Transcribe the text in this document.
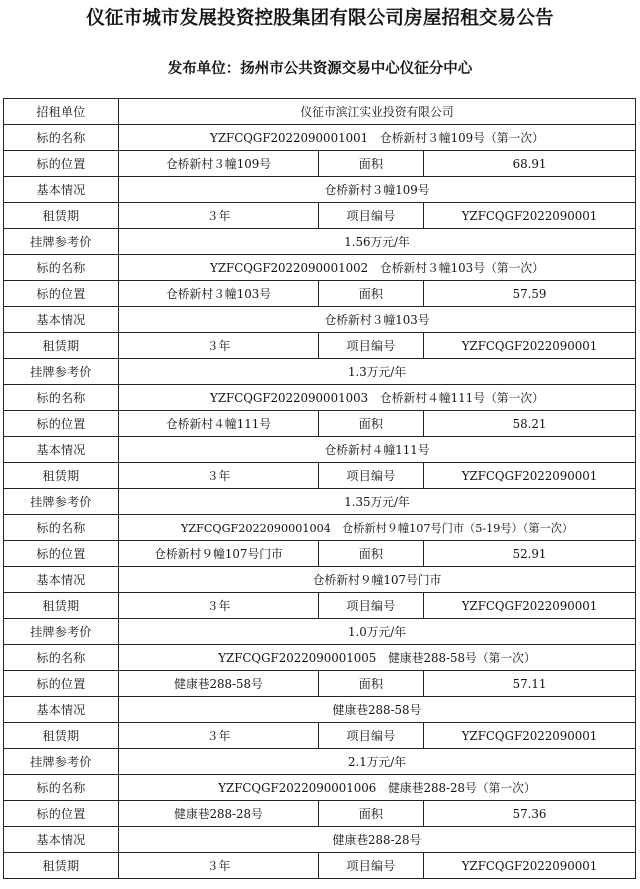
仪征市城市发展投资控股集团有限公司房屋招租交易公告
发布单位：扬州市公共资源交易中心仪征分中心
招租单位	仪征市滨江实业投资有限公司		
标的名称	YZFCQGF2022090001001　仓桥新村３幢109号（第一次）		
标的位置	仓桥新村３幢109号	面积	68.91
基本情况	仓桥新村３幢109号		
租赁期	３年	项目编号	YZFCQGF2022090001
挂牌参考价	1.56万元/年		
标的名称	YZFCQGF2022090001002　仓桥新村３幢103号（第一次）		
标的位置	仓桥新村３幢103号	面积	57.59
基本情况	仓桥新村３幢103号		
租赁期	３年	项目编号	YZFCQGF2022090001
挂牌参考价	1.3万元/年		
标的名称	YZFCQGF2022090001003　仓桥新村４幢111号（第一次）		
标的位置	仓桥新村４幢111号	面积	58.21
基本情况	仓桥新村４幢111号		
租赁期	３年	项目编号	YZFCQGF2022090001
挂牌参考价	1.35万元/年		
标的名称	YZFCQGF2022090001004　仓桥新村９幢107号门市（5-19号）（第一次）		
标的位置	仓桥新村９幢107号门市	面积	52.91
基本情况	仓桥新村９幢107号门市		
租赁期	３年	项目编号	YZFCQGF2022090001
挂牌参考价	1.0万元/年		
标的名称	YZFCQGF2022090001005　健康巷288-58号（第一次）		
标的位置	健康巷288-58号	面积	57.11
基本情况	健康巷288-58号		
租赁期	３年	项目编号	YZFCQGF2022090001
挂牌参考价	2.1万元/年		
标的名称	YZFCQGF2022090001006　健康巷288-28号（第一次）		
标的位置	健康巷288-28号	面积	57.36
基本情况	健康巷288-28号		
租赁期	３年	项目编号	YZFCQGF2022090001
